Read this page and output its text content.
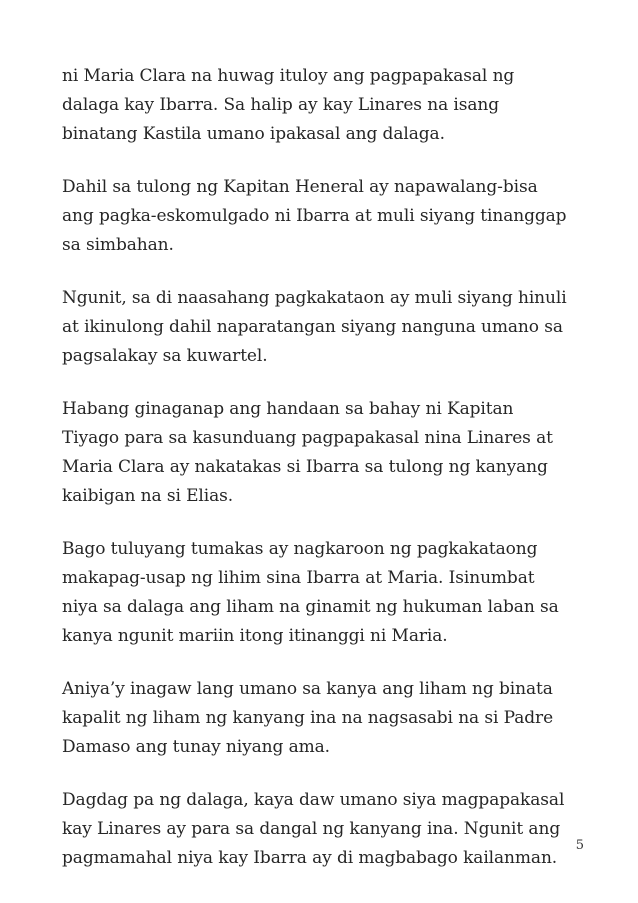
ni Maria Clara na huwag ituloy ang pagpapakasal ng
dalaga kay Ibarra. Sa halip ay kay Linares na isang
binatang Kastila umano ipakasal ang dalaga.

Dahil sa tulong ng Kapitan Heneral ay napawalang-bisa
ang pagka-eskomulgado ni Ibarra at muli siyang tinanggap
sa simbahan.

Ngunit, sa di naasahang pagkakataon ay muli siyang hinuli
at ikinulong dahil naparatangan siyang nanguna umano sa
pagsalakay sa kuwartel.

Habang ginaganap ang handaan sa bahay ni Kapitan
Tiyago para sa kasunduang pagpapakasal nina Linares at
Maria Clara ay nakatakas si Ibarra sa tulong ng kanyang
kaibigan na si Elias.

Bago tuluyang tumakas ay nagkaroon ng pagkakataong
makapag-usap ng lihim sina Ibarra at Maria. Isinumbat
niya sa dalaga ang liham na ginamit ng hukuman laban sa
kanya ngunit mariin itong itinanggi ni Maria.

Aniya’y inagaw lang umano sa kanya ang liham ng binata
kapalit ng liham ng kanyang ina na nagsasabi na si Padre
Damaso ang tunay niyang ama.

Dagdag pa ng dalaga, kaya daw umano siya magpapakasal
kay Linares ay para sa dangal ng kanyang ina. Ngunit ang
pagmamahal niya kay Ibarra ay di magbabago kailanman.

5
